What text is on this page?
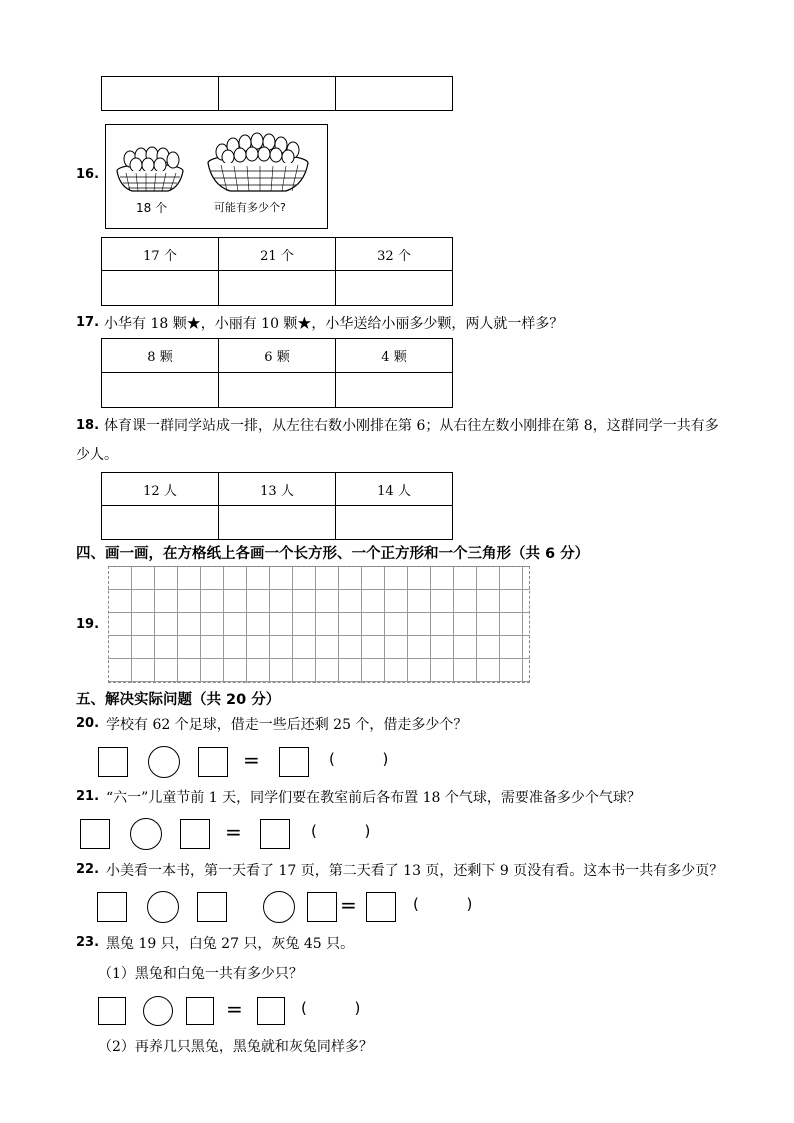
16.
18 个	可能有多少个?
17 个	21 个	32 个

17. 小华有 18 颗★，小丽有 10 颗★，小华送给小丽多少颗，两人就一样多？
8 颗	6 颗	4 颗

18. 体育课一群同学站成一排，从左往右数小刚排在第 6；从右往左数小刚排在第 8，这群同学一共有多
少人。
12 人	13 人	14 人

四、画一画，在方格纸上各画一个长方形、一个正方形和一个三角形（共 6 分）
19.
五、解决实际问题（共 20 分）
20. 学校有 62 个足球，借走一些后还剩 25 个，借走多少个？
=	(          )
21. “六一”儿童节前 1 天，同学们要在教室前后各布置 18 个气球，需要准备多少个气球？
=	(          )
22. 小美看一本书，第一天看了 17 页，第二天看了 13 页，还剩下 9 页没有看。这本书一共有多少页？
=	(          )
23. 黑兔 19 只，白兔 27 只，灰兔 45 只。
（1）黑兔和白兔一共有多少只？
=	(          )
（2）再养几只黑兔，黑兔就和灰兔同样多？
